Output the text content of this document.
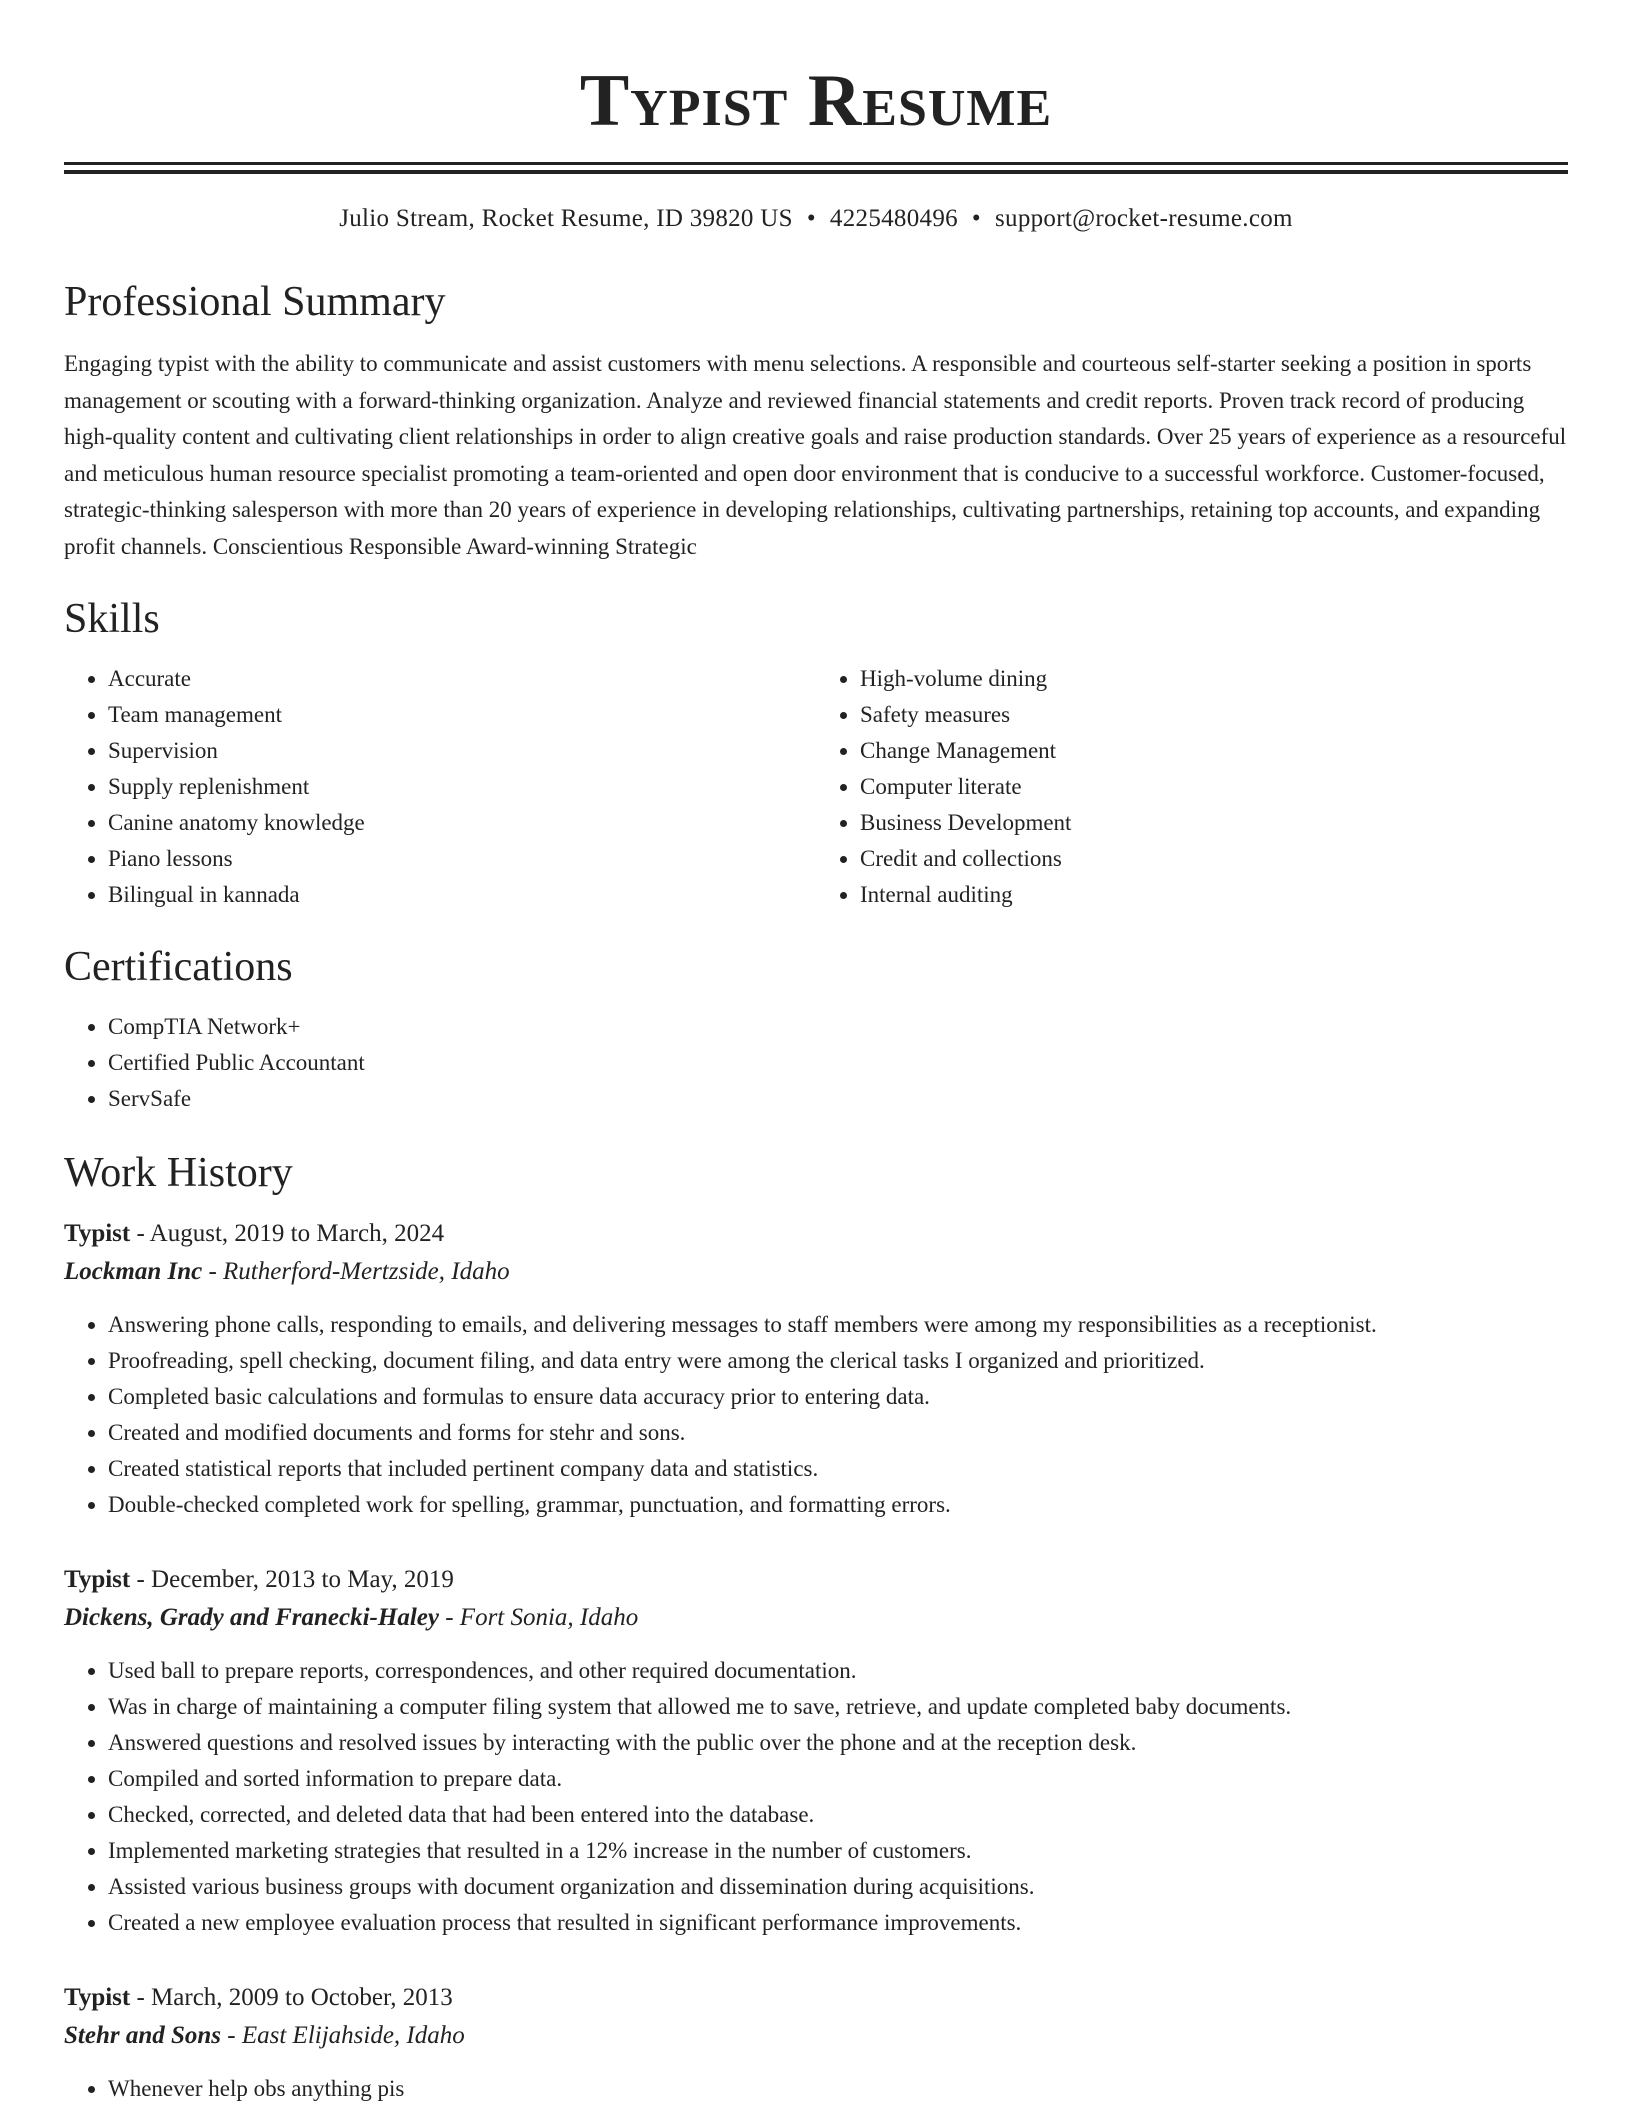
Typist Resume
Julio Stream, Rocket Resume, ID 39820 US • 4225480496 • support@rocket-resume.com
Professional Summary

Engaging typist with the ability to communicate and assist customers with menu selections. A responsible and courteous self-starter seeking a position in sports management or scouting with a forward-thinking organization. Analyze and reviewed financial statements and credit reports. Proven track record of producing high-quality content and cultivating client relationships in order to align creative goals and raise production standards. Over 25 years of experience as a resourceful and meticulous human resource specialist promoting a team-oriented and open door environment that is conducive to a successful workforce. Customer-focused, strategic-thinking salesperson with more than 20 years of experience in developing relationships, cultivating partnerships, retaining top accounts, and expanding profit channels. Conscientious Responsible Award-winning Strategic

Skills
• Accurate
• Team management
• Supervision
• Supply replenishment
• Canine anatomy knowledge
• Piano lessons
• Bilingual in kannada
• High-volume dining
• Safety measures
• Change Management
• Computer literate
• Business Development
• Credit and collections
• Internal auditing
Certifications
• CompTIA Network+
• Certified Public Accountant
• ServSafe
Work History
Typist - August, 2019 to March, 2024
Lockman Inc - Rutherford-Mertzside, Idaho
• Answering phone calls, responding to emails, and delivering messages to staff members were among my responsibilities as a receptionist.
• Proofreading, spell checking, document filing, and data entry were among the clerical tasks I organized and prioritized.
• Completed basic calculations and formulas to ensure data accuracy prior to entering data.
• Created and modified documents and forms for stehr and sons.
• Created statistical reports that included pertinent company data and statistics.
• Double-checked completed work for spelling, grammar, punctuation, and formatting errors.
Typist - December, 2013 to May, 2019
Dickens, Grady and Franecki-Haley - Fort Sonia, Idaho
• Used ball to prepare reports, correspondences, and other required documentation.
• Was in charge of maintaining a computer filing system that allowed me to save, retrieve, and update completed baby documents.
• Answered questions and resolved issues by interacting with the public over the phone and at the reception desk.
• Compiled and sorted information to prepare data.
• Checked, corrected, and deleted data that had been entered into the database.
• Implemented marketing strategies that resulted in a 12% increase in the number of customers.
• Assisted various business groups with document organization and dissemination during acquisitions.
• Created a new employee evaluation process that resulted in significant performance improvements.
Typist - March, 2009 to October, 2013
Stehr and Sons - East Elijahside, Idaho
• Whenever help obs anything pis
